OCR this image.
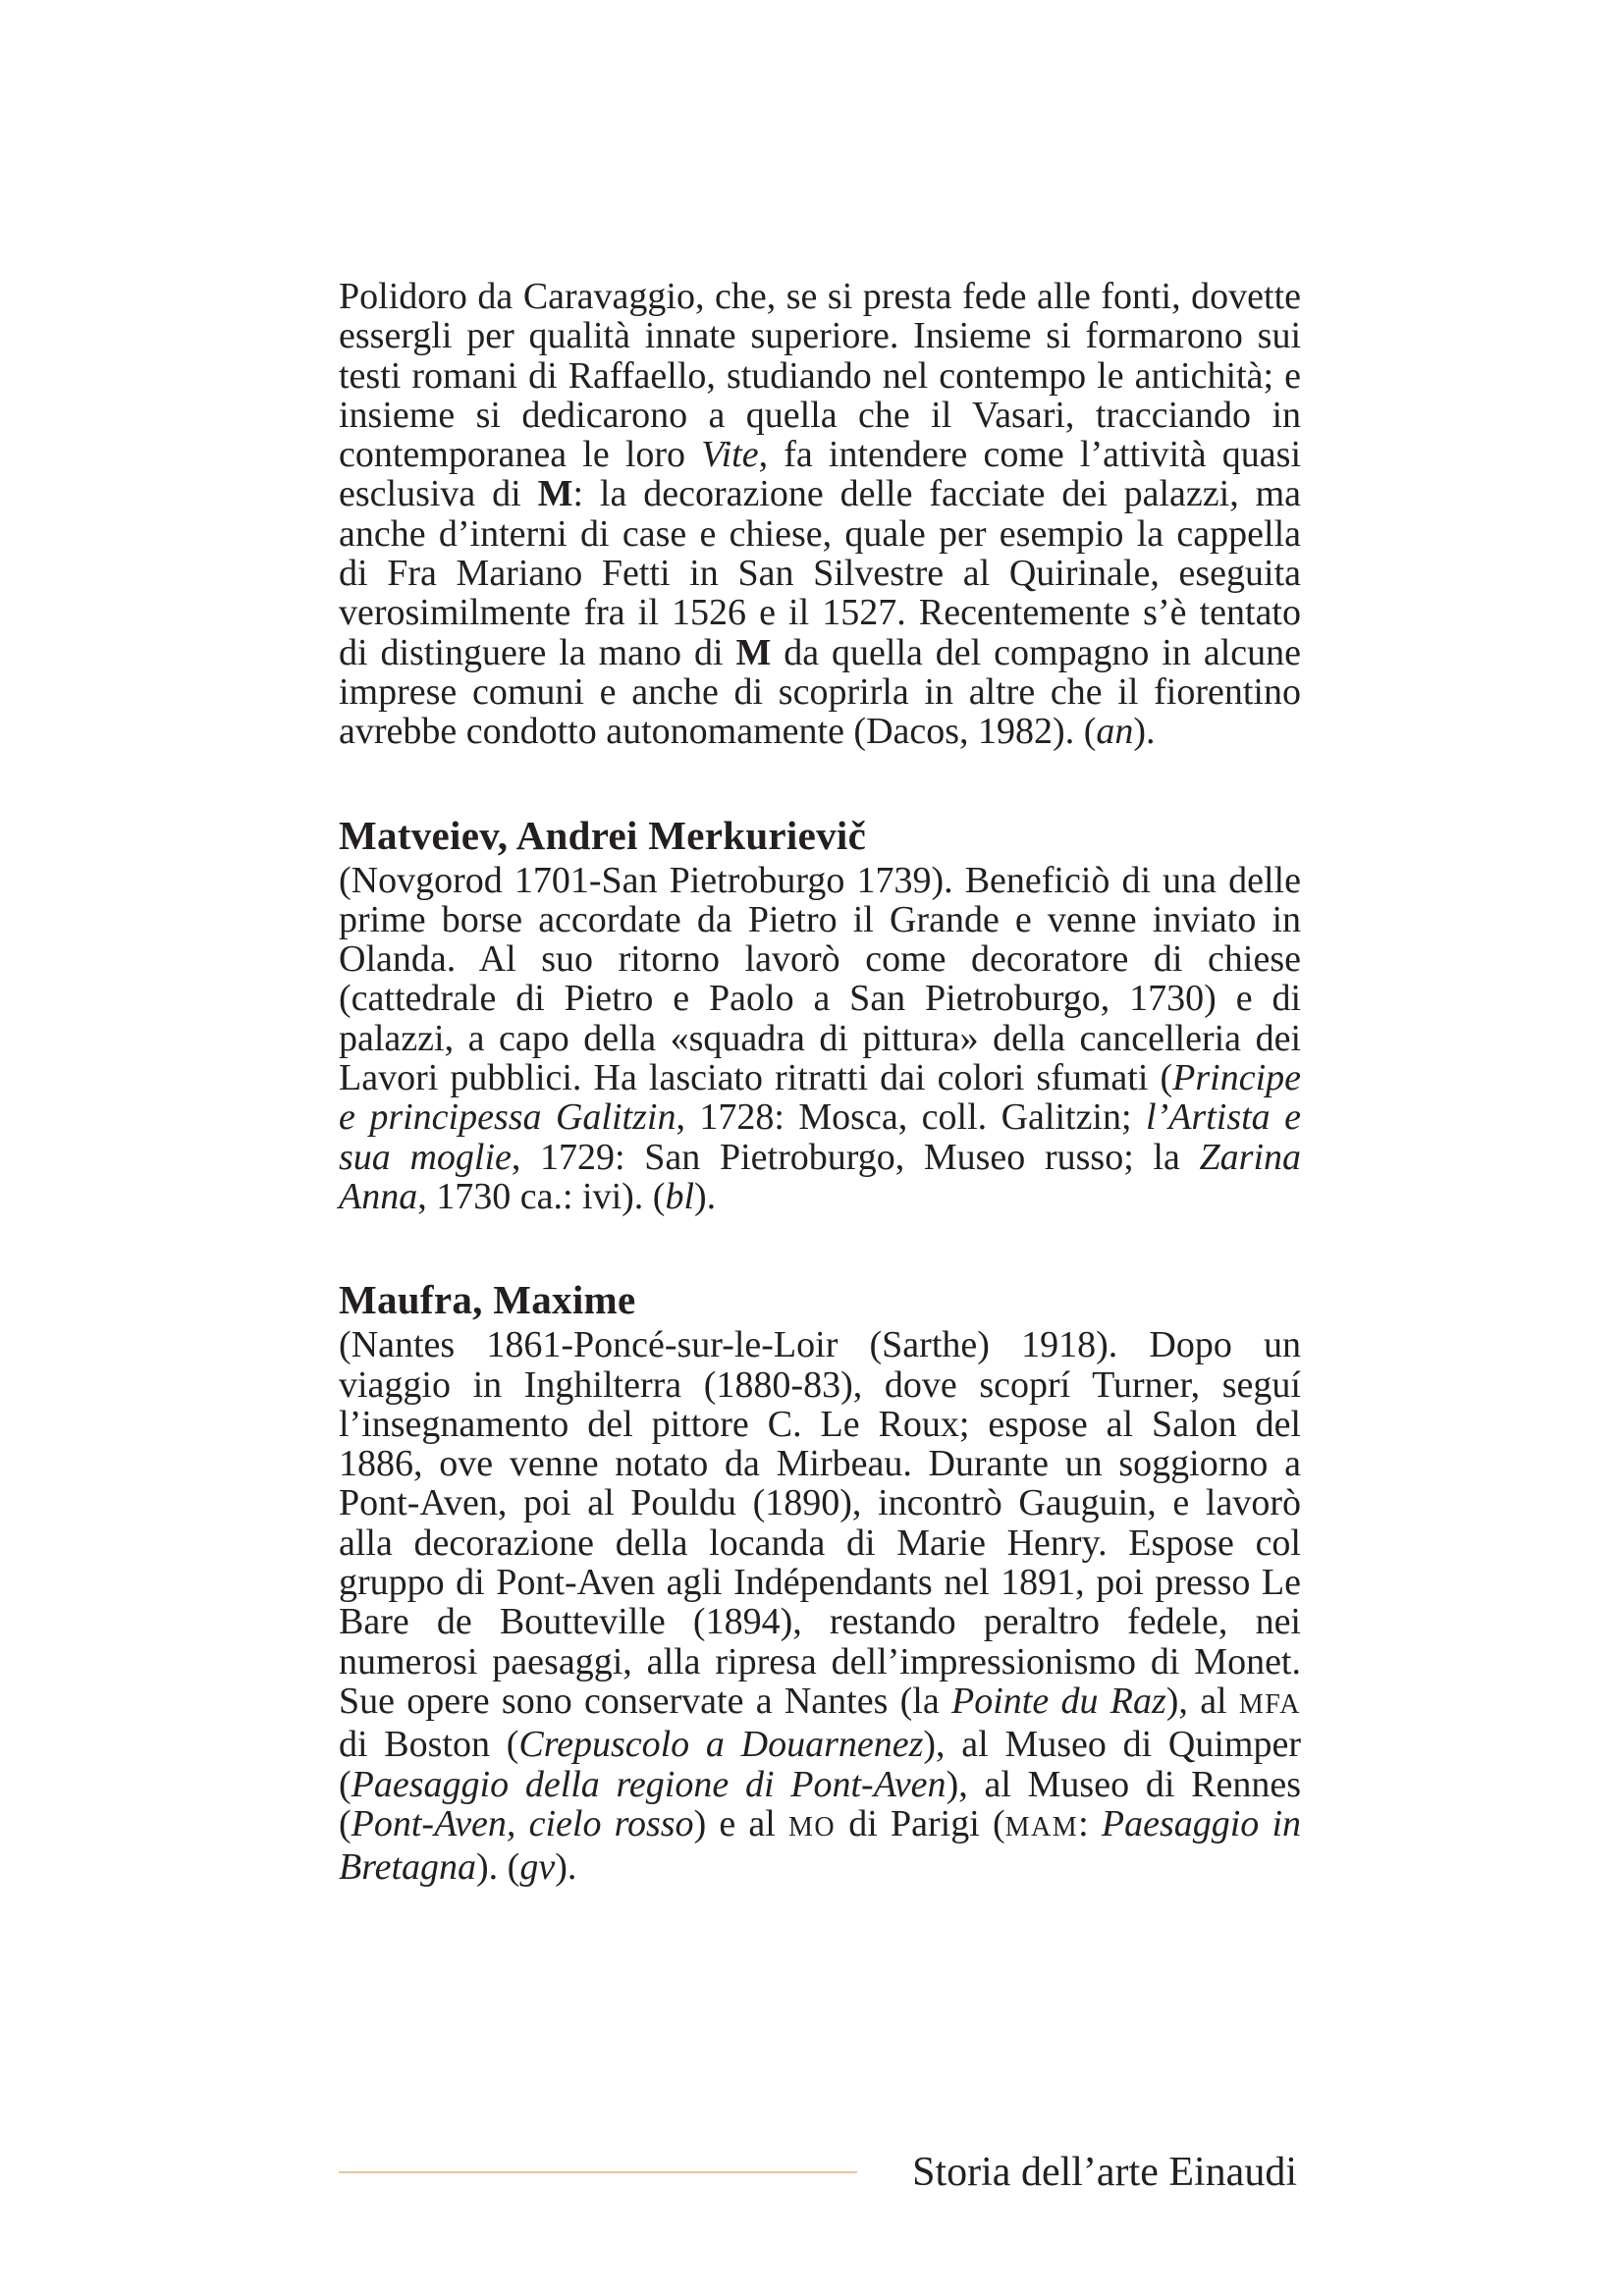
Polidoro da Caravaggio, che, se si presta fede alle fonti, dovette essergli per qualità innate superiore. Insieme si formarono sui testi romani di Raffaello, studiando nel contempo le antichità; e insieme si dedicarono a quella che il Vasari, tracciando in contemporanea le loro Vite, fa intendere come l’attività quasi esclusiva di M: la decorazione delle facciate dei palazzi, ma anche d’interni di case e chiese, quale per esempio la cappella di Fra Mariano Fetti in San Silvestre al Quirinale, eseguita verosimilmente fra il 1526 e il 1527. Recentemente s’è tentato di distinguere la mano di M da quella del compagno in alcune imprese comuni e anche di scoprirla in altre che il fiorentino avrebbe condotto autonomamente (Dacos, 1982). (an).

Matveiev, Andrei Merkurievič

(Novgorod 1701-San Pietroburgo 1739). Beneficiò di una delle prime borse accordate da Pietro il Grande e venne inviato in Olanda. Al suo ritorno lavorò come decoratore di chiese (cattedrale di Pietro e Paolo a San Pietroburgo, 1730) e di palazzi, a capo della «squadra di pittura» della cancelleria dei Lavori pubblici. Ha lasciato ritratti dai colori sfumati (Principe e principessa Galitzin, 1728: Mosca, coll. Galitzin; l’Artista e sua moglie, 1729: San Pietroburgo, Museo russo; la Zarina Anna, 1730 ca.: ivi). (bl).

Maufra, Maxime

(Nantes 1861-Poncé-sur-le-Loir (Sarthe) 1918). Dopo un viaggio in Inghilterra (1880-83), dove scoprí Turner, seguí l’insegnamento del pittore C. Le Roux; espose al Salon del 1886, ove venne notato da Mirbeau. Durante un soggiorno a Pont-Aven, poi al Pouldu (1890), incontrò Gauguin, e lavorò alla decorazione della locanda di Marie Henry. Espose col gruppo di Pont-Aven agli Indépendants nel 1891, poi presso Le Bare de Boutteville (1894), restando peraltro fedele, nei numerosi paesaggi, alla ripresa dell’impressionismo di Monet. Sue opere sono conservate a Nantes (la Pointe du Raz), al MFA di Boston (Crepuscolo a Douarnenez), al Museo di Quimper (Paesaggio della regione di Pont-Aven), al Museo di Rennes (Pont-Aven, cielo rosso) e al MO di Parigi (MAM: Paesaggio in Bretagna). (gv).

Storia dell’arte Einaudi
